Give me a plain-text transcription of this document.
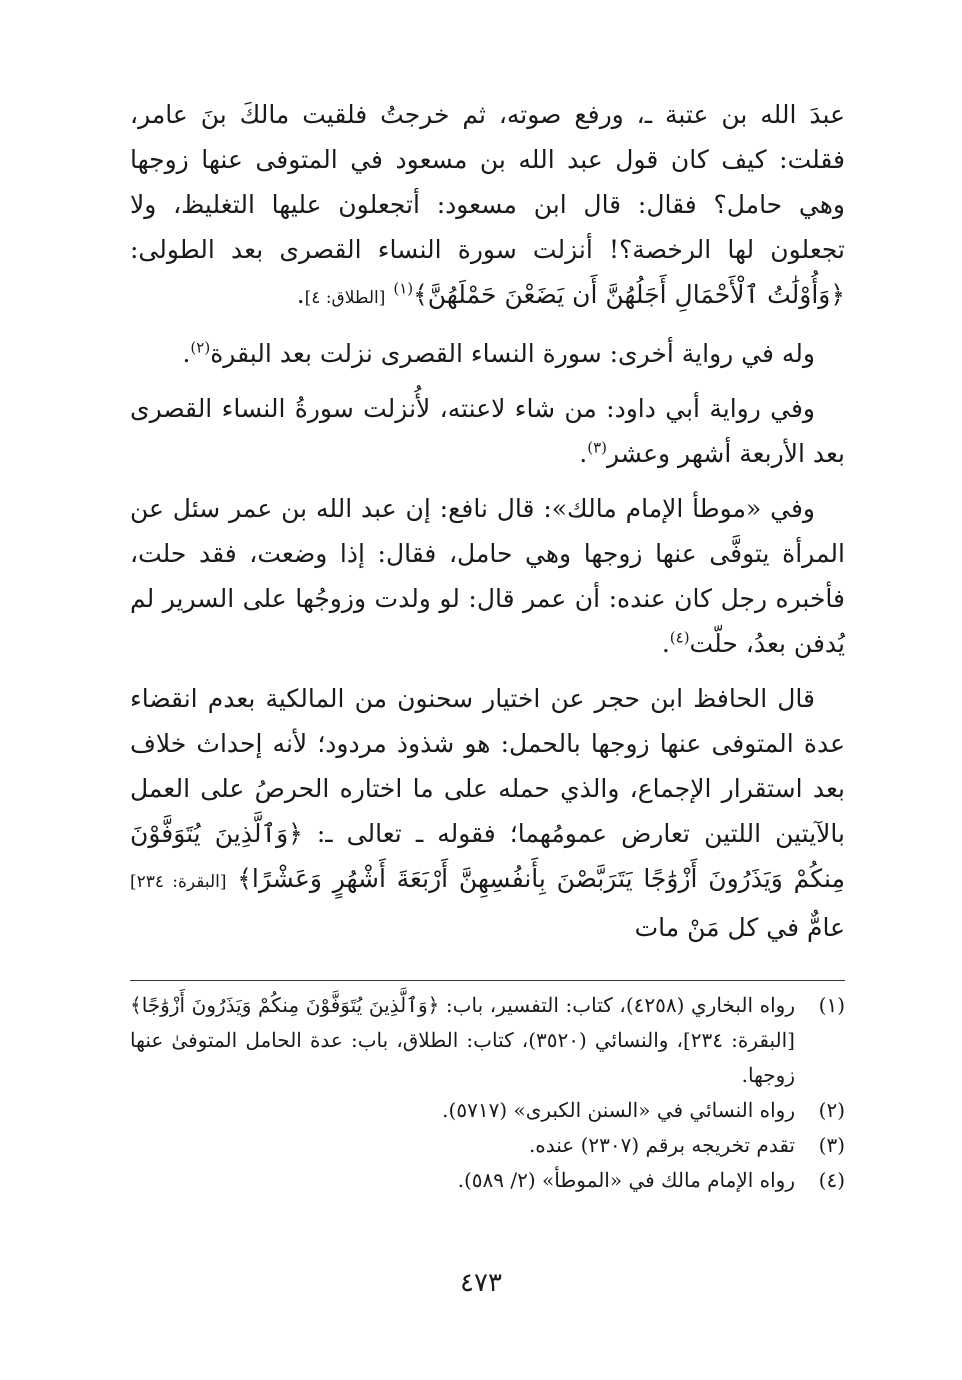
عبدَ الله بن عتبة ـ، ورفع صوته، ثم خرجتُ فلقيت مالكَ بنَ عامر، فقلت: كيف كان قول عبد الله بن مسعود في المتوفى عنها زوجها وهي حامل؟ فقال: قال ابن مسعود: أتجعلون عليها التغليظ، ولا تجعلون لها الرخصة؟! أنزلت سورة النساء القصرى بعد الطولى: ﴿وَأُوْلَٰتُ ٱلْأَحْمَالِ أَجَلُهُنَّ أَن يَضَعْنَ حَمْلَهُنَّ﴾$^{(١)}$ [الطلاق: ٤].

وله في رواية أخرى: سورة النساء القصرى نزلت بعد البقرة$^{(٢)}$.

وفي رواية أبي داود: من شاء لاعنته، لأُنزلت سورةُ النساء القصرى بعد الأربعة أشهر وعشر$^{(٣)}$.

وفي «موطأ الإمام مالك»: قال نافع: إن عبد الله بن عمر سئل عن المرأة يتوفَّى عنها زوجها وهي حامل، فقال: إذا وضعت، فقد حلت، فأخبره رجل كان عنده: أن عمر قال: لو ولدت وزوجُها على السرير لم يُدفن بعدُ، حلّت$^{(٤)}$.

قال الحافظ ابن حجر عن اختيار سحنون من المالكية بعدم انقضاء عدة المتوفى عنها زوجها بالحمل: هو شذوذ مردود؛ لأنه إحداث خلاف بعد استقرار الإجماع، والذي حمله على ما اختاره الحرصُ على العمل بالآيتين اللتين تعارض عمومُهما؛ فقوله ـ تعالى ـ: ﴿وَٱلَّذِينَ يُتَوَفَّوْنَ مِنكُمْ وَيَذَرُونَ أَزْوَٰجًا يَتَرَبَّصْنَ بِأَنفُسِهِنَّ أَرْبَعَةَ أَشْهُرٍ وَعَشْرًا﴾ [البقرة: ٢٣٤] عامٌّ في كل مَنْ مات

(١)
رواه البخاري (٤٢٥٨)، كتاب: التفسير، باب: ﴿وَٱلَّذِينَ يُتَوَفَّوْنَ مِنكُمْ وَيَذَرُونَ أَزْوَٰجًا﴾ [البقرة: ٢٣٤]، والنسائي (٣٥٢٠)، كتاب: الطلاق، باب: عدة الحامل المتوفىٰ عنها زوجها.
(٢)
رواه النسائي في «السنن الكبرى» (٥٧١٧).
(٣)
تقدم تخريجه برقم (٢٣٠٧) عنده.
(٤)
رواه الإمام مالك في «الموطأ» (٢/ ٥٨٩).
٤٧٣
